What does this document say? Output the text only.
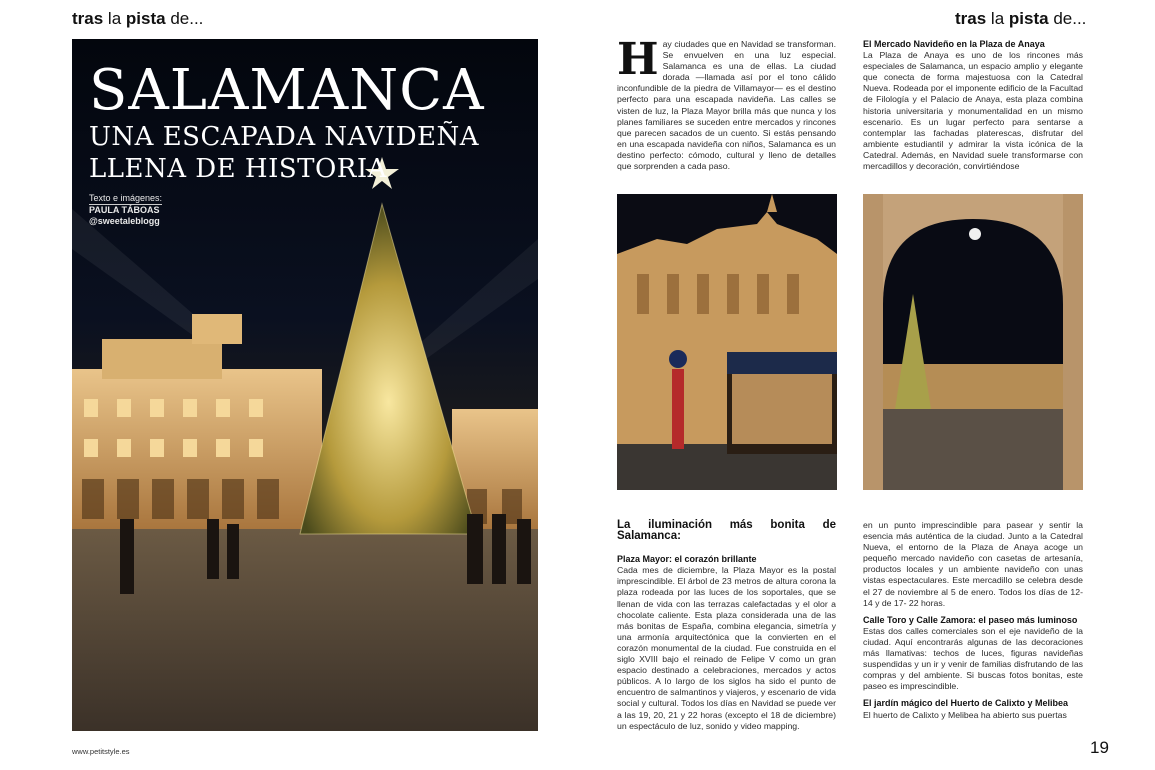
tras la pista de...	tras la pista de...
SALAMANCA
UNA ESCAPADA NAVIDEÑA
LLENA DE HISTORIA
Texto e imágenes:
PAULA TÁBOAS
@sweetaleblogg
H ay ciudades que en Navidad se transforman. Se envuelven en una luz especial. Salamanca es una de ellas. La ciudad dorada —llamada así por el tono cálido inconfundible de la piedra de Villamayor— es el destino perfecto para una escapada navideña. Las calles se visten de luz, la Plaza Mayor brilla más que nunca y los planes familiares se suceden entre mercados y rincones que parecen sacados de un cuento. Si estás pensando en una escapada navideña con niños, Salamanca es un destino perfecto: cómodo, cultural y lleno de detalles que sorprenden a cada paso.

El Mercado Navideño en la Plaza de Anaya

La Plaza de Anaya es uno de los rincones más especiales de Salamanca, un espacio amplio y elegante que conecta de forma majestuosa con la Catedral Nueva. Rodeada por el imponente edificio de la Facultad de Filología y el Palacio de Anaya, esta plaza combina historia universitaria y monumentalidad en un mismo escenario. Es un lugar perfecto para sentarse a contemplar las fachadas platerescas, disfrutar del ambiente estudiantil y admirar la vista icónica de la Catedral. Además, en Navidad suele transformarse con mercadillos y decoración, convirtiéndose

La iluminación más bonita de Salamanca:
Plaza Mayor: el corazón brillante

Cada mes de diciembre, la Plaza Mayor es la postal imprescindible. El árbol de 23 metros de altura corona la plaza rodeada por las luces de los soportales, que se llenan de vida con las terrazas calefactadas y el olor a chocolate caliente. Esta plaza considerada una de las más bonitas de España, combina elegancia, simetría y una armonía arquitectónica que la convierten en el corazón monumental de la ciudad. Fue construida en el siglo XVIII bajo el reinado de Felipe V como un gran espacio destinado a celebraciones, mercados y actos públicos. A lo largo de los siglos ha sido el punto de encuentro de salmantinos y viajeros, y escenario de vida social y cultural. Todos los días en Navidad se puede ver a las 19, 20, 21 y 22 horas (excepto el 18 de diciembre) un espectáculo de luz, sonido y video mapping.

en un punto imprescindible para pasear y sentir la esencia más auténtica de la ciudad. Junto a la Catedral Nueva, el entorno de la Plaza de Anaya acoge un pequeño mercado navideño con casetas de artesanía, productos locales y un ambiente navideño con unas vistas espectaculares. Este mercadillo se celebra desde el 27 de noviembre al 5 de enero. Todos los días de 12-14 y de 17- 22 horas.

Calle Toro y Calle Zamora: el paseo más luminoso

Estas dos calles comerciales son el eje navideño de la ciudad. Aquí encontrarás algunas de las decoraciones más llamativas: techos de luces, figuras navideñas suspendidas y un ir y venir de familias disfrutando de las compras y del ambiente. Si buscas fotos bonitas, este paseo es imprescindible.

El jardín mágico del Huerto de Calixto y Melibea

El huerto de Calixto y Melibea ha abierto sus puertas

www.petitstyle.es	19
